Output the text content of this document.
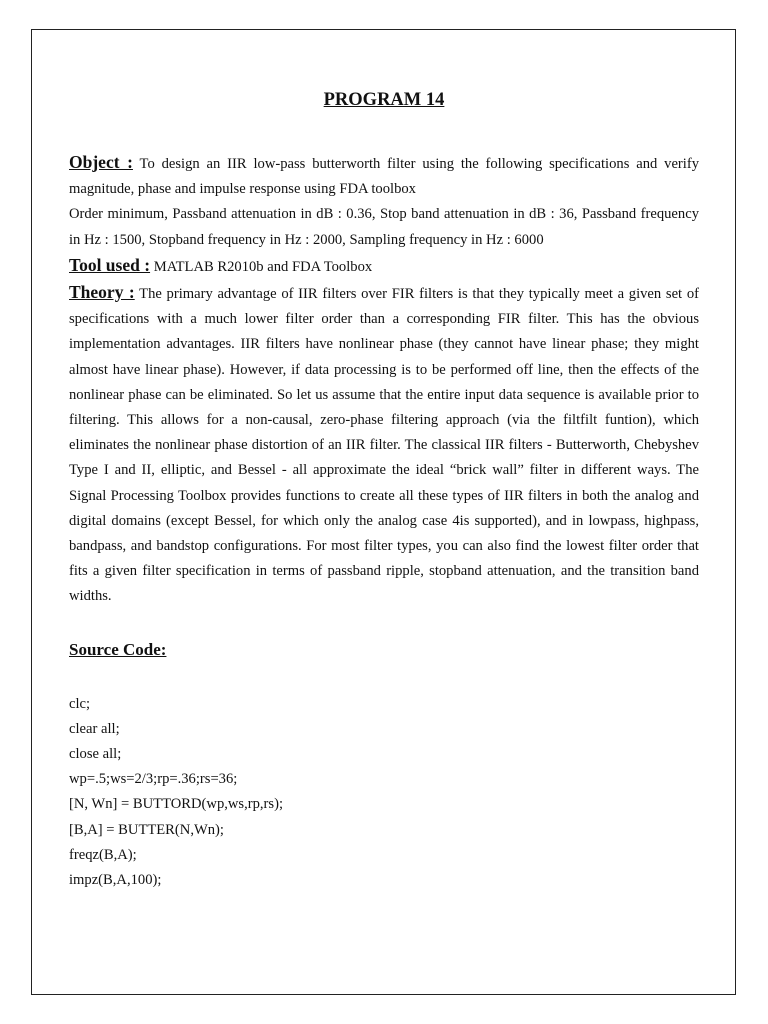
PROGRAM 14

Object : To design an IIR low-pass butterworth filter using the following specifications and verify magnitude, phase and impulse response using FDA toolbox

Order minimum, Passband attenuation in dB : 0.36, Stop band attenuation in dB : 36, Passband frequency in Hz : 1500, Stopband frequency in Hz : 2000, Sampling frequency in Hz : 6000

Tool used : MATLAB R2010b and FDA Toolbox

Theory : The primary advantage of IIR filters over FIR filters is that they typically meet a given set of specifications with a much lower filter order than a corresponding FIR filter. This has the obvious implementation advantages. IIR filters have nonlinear phase (they cannot have linear phase; they might almost have linear phase). However, if data processing is to be performed off line, then the effects of the nonlinear phase can be eliminated. So let us assume that the entire input data sequence is available prior to filtering. This allows for a non-causal, zero-phase filtering approach (via the filtfilt funtion), which eliminates the nonlinear phase distortion of an IIR filter. The classical IIR filters - Butterworth, Chebyshev Type I and II, elliptic, and Bessel - all approximate the ideal “brick wall” filter in different ways. The Signal Processing Toolbox provides functions to create all these types of IIR filters in both the analog and digital domains (except Bessel, for which only the analog case 4is supported), and in lowpass, highpass, bandpass, and bandstop configurations. For most filter types, you can also find the lowest filter order that fits a given filter specification in terms of passband ripple, stopband attenuation, and the transition band widths.

Source Code:
clc;
clear all;
close all;
wp=.5;ws=2/3;rp=.36;rs=36;
[N, Wn] = BUTTORD(wp,ws,rp,rs);
[B,A] = BUTTER(N,Wn);
freqz(B,A);
impz(B,A,100);
